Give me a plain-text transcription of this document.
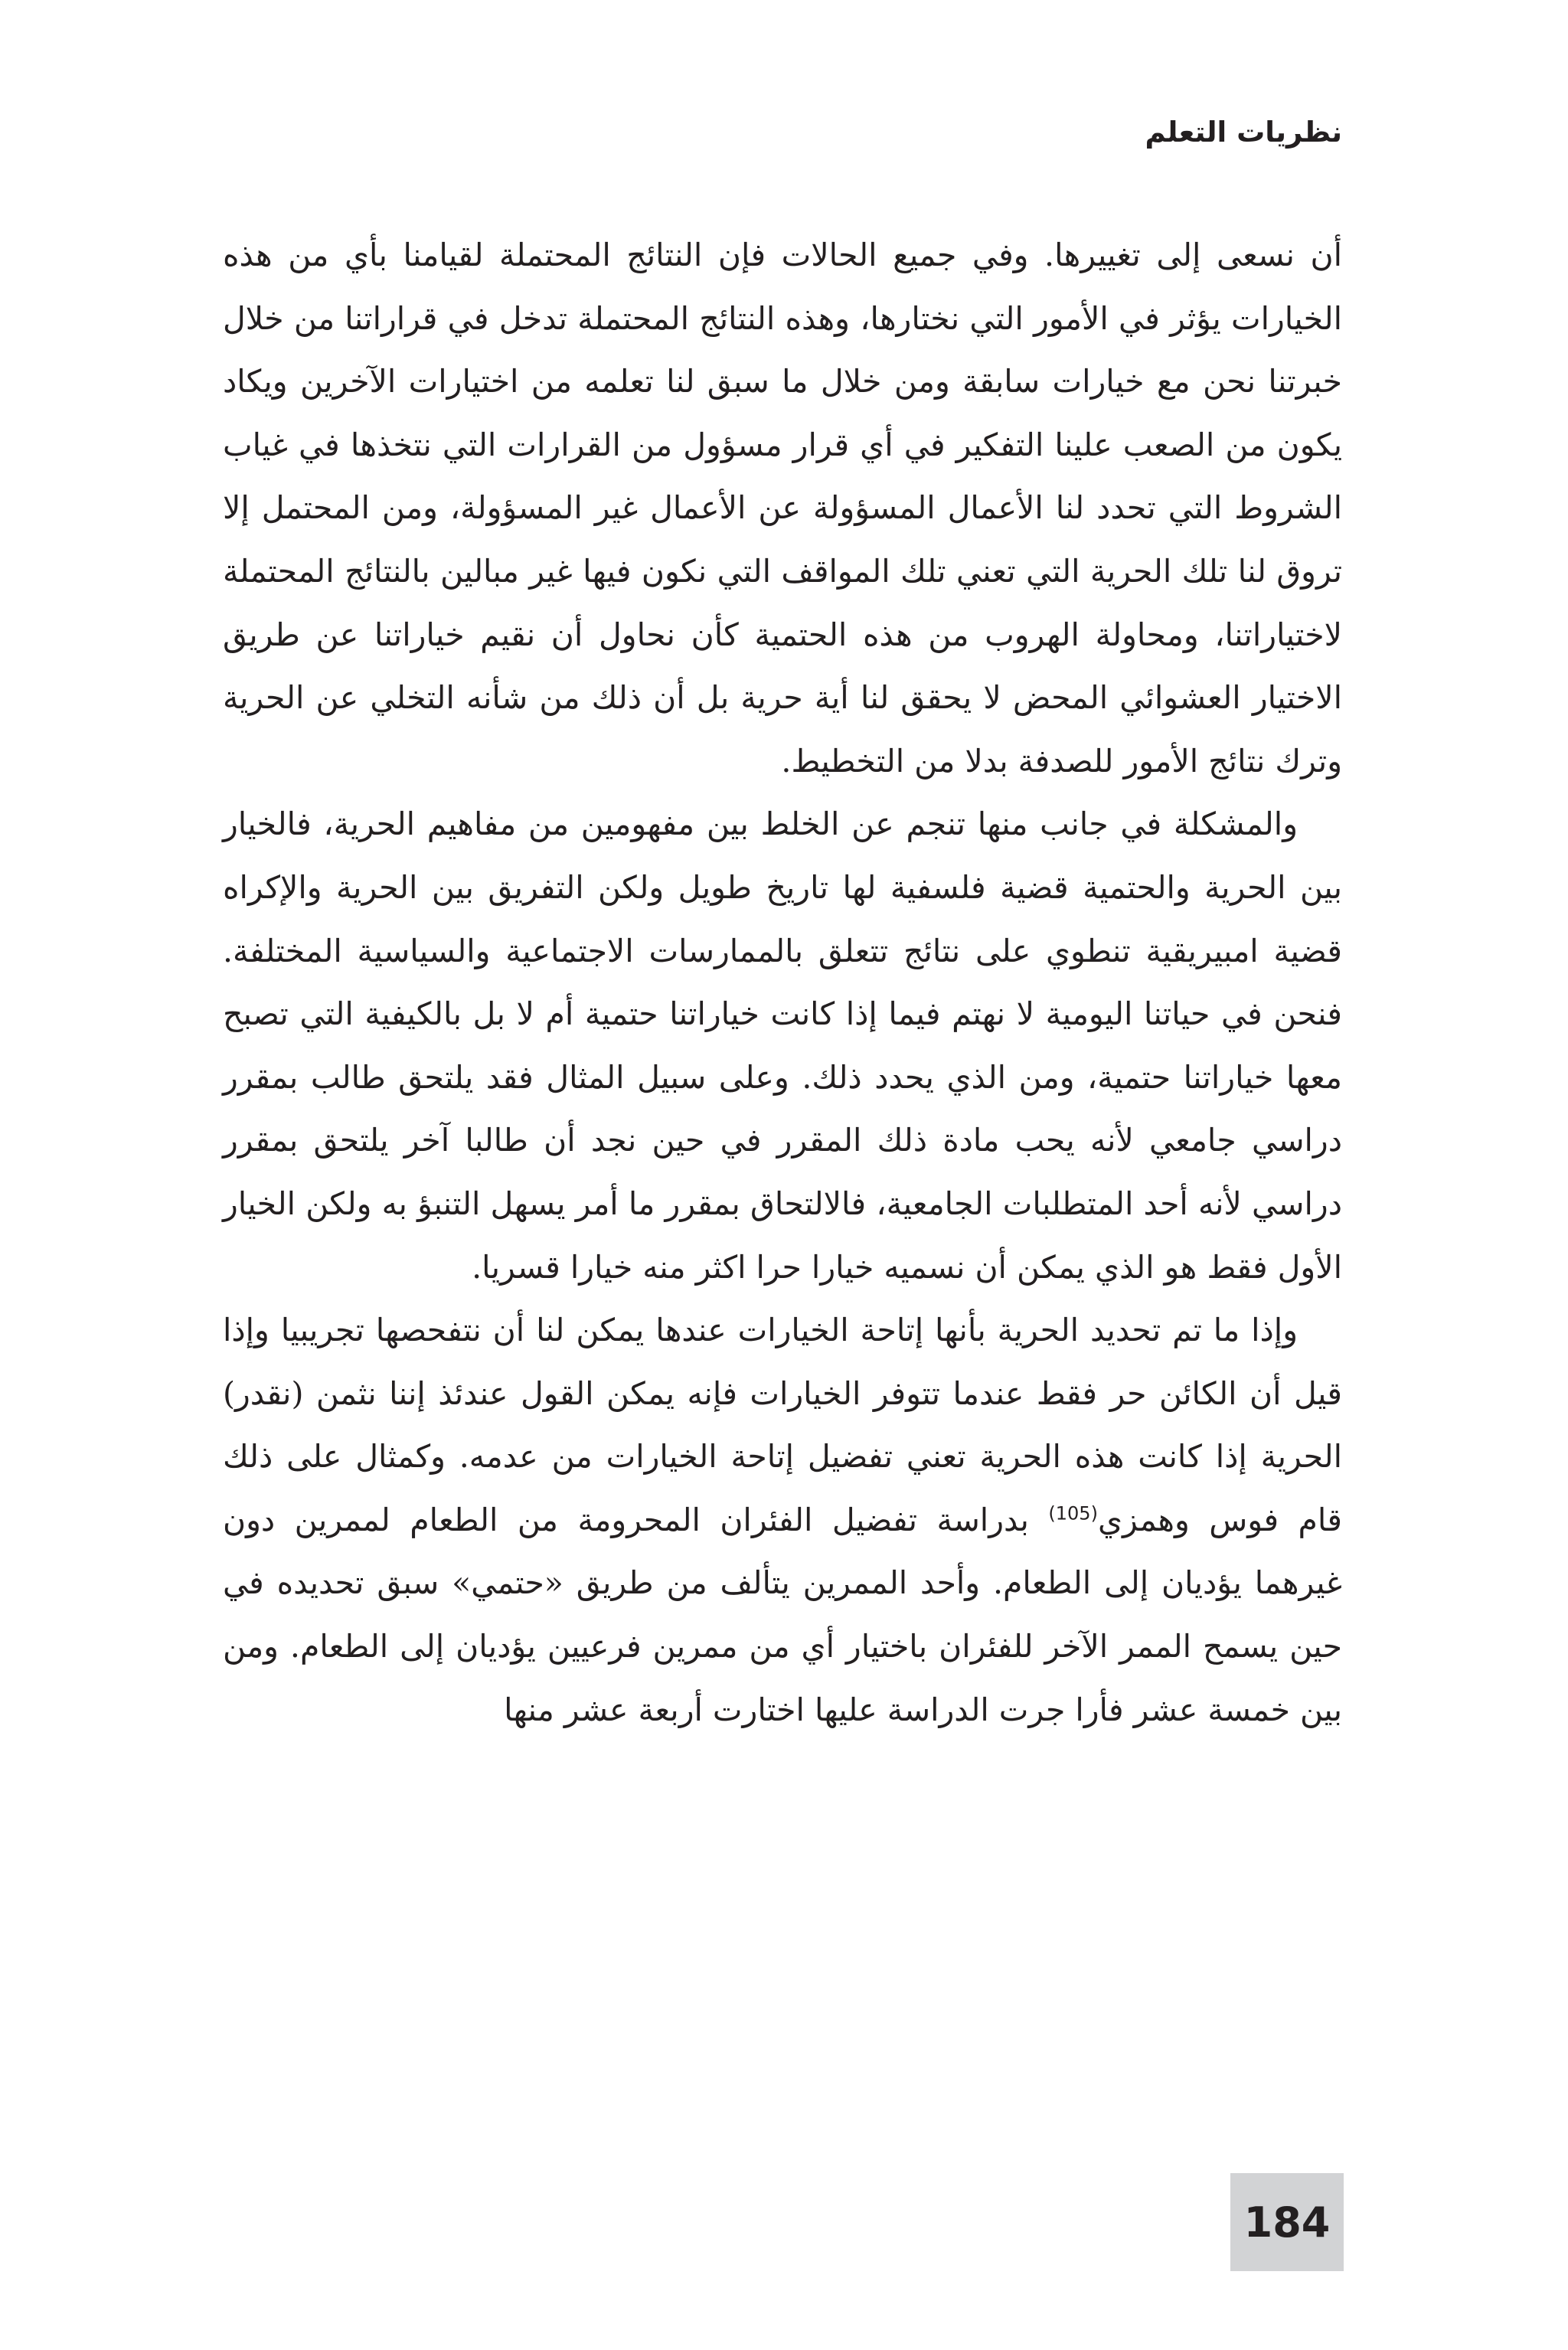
نظريات التعلم

أن نسعى إلى تغييرها. وفي جميع الحالات فإن النتائج المحتملة لقيامنا بأي من هذه الخيارات يؤثر في الأمور التي نختارها، وهذه النتائج المحتملة تدخل في قراراتنا من خلال خبرتنا نحن مع خيارات سابقة ومن خلال ما سبق لنا تعلمه من اختيارات الآخرين ويكاد يكون من الصعب علينا التفكير في أي قرار مسؤول من القرارات التي نتخذها في غياب الشروط التي تحدد لنا الأعمال المسؤولة عن الأعمال غير المسؤولة، ومن المحتمل إلا تروق لنا تلك الحرية التي تعني تلك المواقف التي نكون فيها غير مبالين بالنتائج المحتملة لاختياراتنا، ومحاولة الهروب من هذه الحتمية كأن نحاول أن نقيم خياراتنا عن طريق الاختيار العشوائي المحض لا يحقق لنا أية حرية بل أن ذلك من شأنه التخلي عن الحرية وترك نتائج الأمور للصدفة بدلا من التخطيط.

والمشكلة في جانب منها تنجم عن الخلط بين مفهومين من مفاهيم الحرية، فالخيار بين الحرية والحتمية قضية فلسفية لها تاريخ طويل ولكن التفريق بين الحرية والإكراه قضية امبيريقية تنطوي على نتائج تتعلق بالممارسات الاجتماعية والسياسية المختلفة. فنحن في حياتنا اليومية لا نهتم فيما إذا كانت خياراتنا حتمية أم لا بل بالكيفية التي تصبح معها خياراتنا حتمية، ومن الذي يحدد ذلك. وعلى سبيل المثال فقد يلتحق طالب بمقرر دراسي جامعي لأنه يحب مادة ذلك المقرر في حين نجد أن طالبا آخر يلتحق بمقرر دراسي لأنه أحد المتطلبات الجامعية، فالالتحاق بمقرر ما أمر يسهل التنبؤ به ولكن الخيار الأول فقط هو الذي يمكن أن نسميه خيارا حرا اكثر منه خيارا قسريا.

وإذا ما تم تحديد الحرية بأنها إتاحة الخيارات عندها يمكن لنا أن نتفحصها تجريبيا وإذا قيل أن الكائن حر فقط عندما تتوفر الخيارات فإنه يمكن القول عندئذ إننا نثمن (نقدر) الحرية إذا كانت هذه الحرية تعني تفضيل إتاحة الخيارات من عدمه. وكمثال على ذلك قام فوس وهمزي$^{(105)}$ بدراسة تفضيل الفئران المحرومة من الطعام لممرين دون غيرهما يؤديان إلى الطعام. وأحد الممرين يتألف من طريق «حتمي» سبق تحديده في حين يسمح الممر الآخر للفئران باختيار أي من ممرين فرعيين يؤديان إلى الطعام. ومن بين خمسة عشر فأرا جرت الدراسة عليها اختارت أربعة عشر منها

184
